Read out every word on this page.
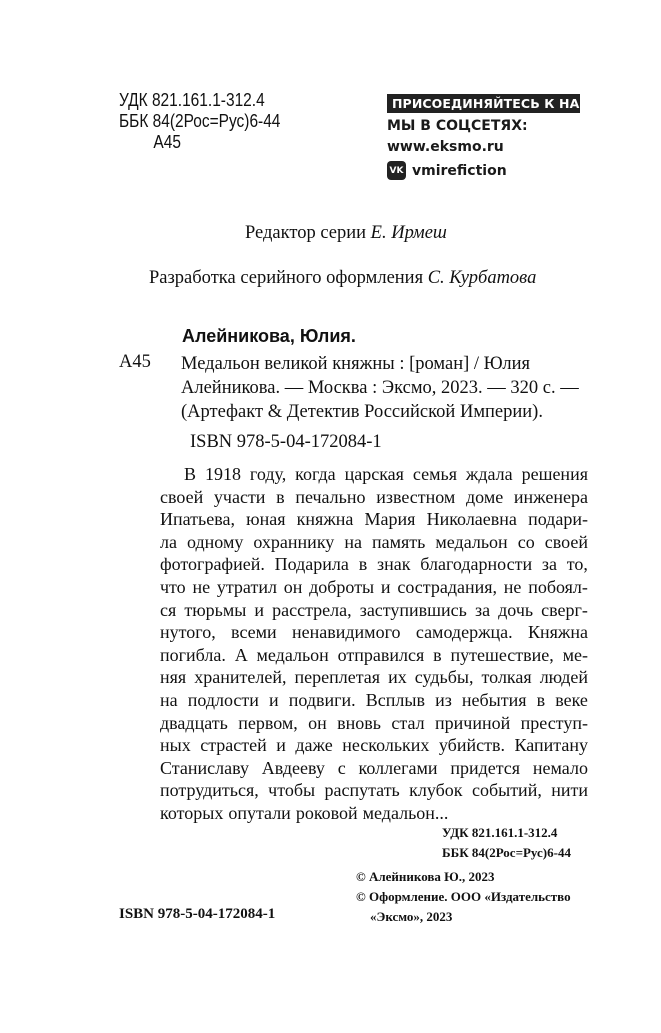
УДК 821.161.1-312.4
ББК 84(2Рос=Рус)6-44
А45
ПРИСОЕДИНЯЙТЕСЬ К НАМ!
МЫ В СОЦСЕТЯХ:
www.eksmo.ru
VK vmirefiction
Редактор серии Е. Ирмеш
Разработка серийного оформления С. Курбатова
Алейникова, Юлия.
А45 Медальон великой княжны : [роман] / Юлия
Алейникова. — Москва : Эксмо, 2023. — 320 с. —
(Артефакт & Детектив Российской Империи).
ISBN 978-5-04-172084-1
В 1918 году, когда царская семья ждала решения
своей участи в печально известном доме инженера
Ипатьева, юная княжна Мария Николаевна подари-
ла одному охраннику на память медальон со своей
фотографией. Подарила в знак благодарности за то,
что не утратил он доброты и сострадания, не побоял-
ся тюрьмы и расстрела, заступившись за дочь сверг-
нутого, всеми ненавидимого самодержца. Княжна
погибла. А медальон отправился в путешествие, ме-
няя хранителей, переплетая их судьбы, толкая людей
на подлости и подвиги. Всплыв из небытия в веке
двадцать первом, он вновь стал причиной преступ-
ных страстей и даже нескольких убийств. Капитану
Станиславу Авдееву с коллегами придется немало
потрудиться, чтобы распутать клубок событий, нити
которых опутали роковой медальон...
УДК 821.161.1-312.4
ББК 84(2Рос=Рус)6-44
© Алейникова Ю., 2023
© Оформление. ООО «Издательство
«Эксмо», 2023
ISBN 978-5-04-172084-1
